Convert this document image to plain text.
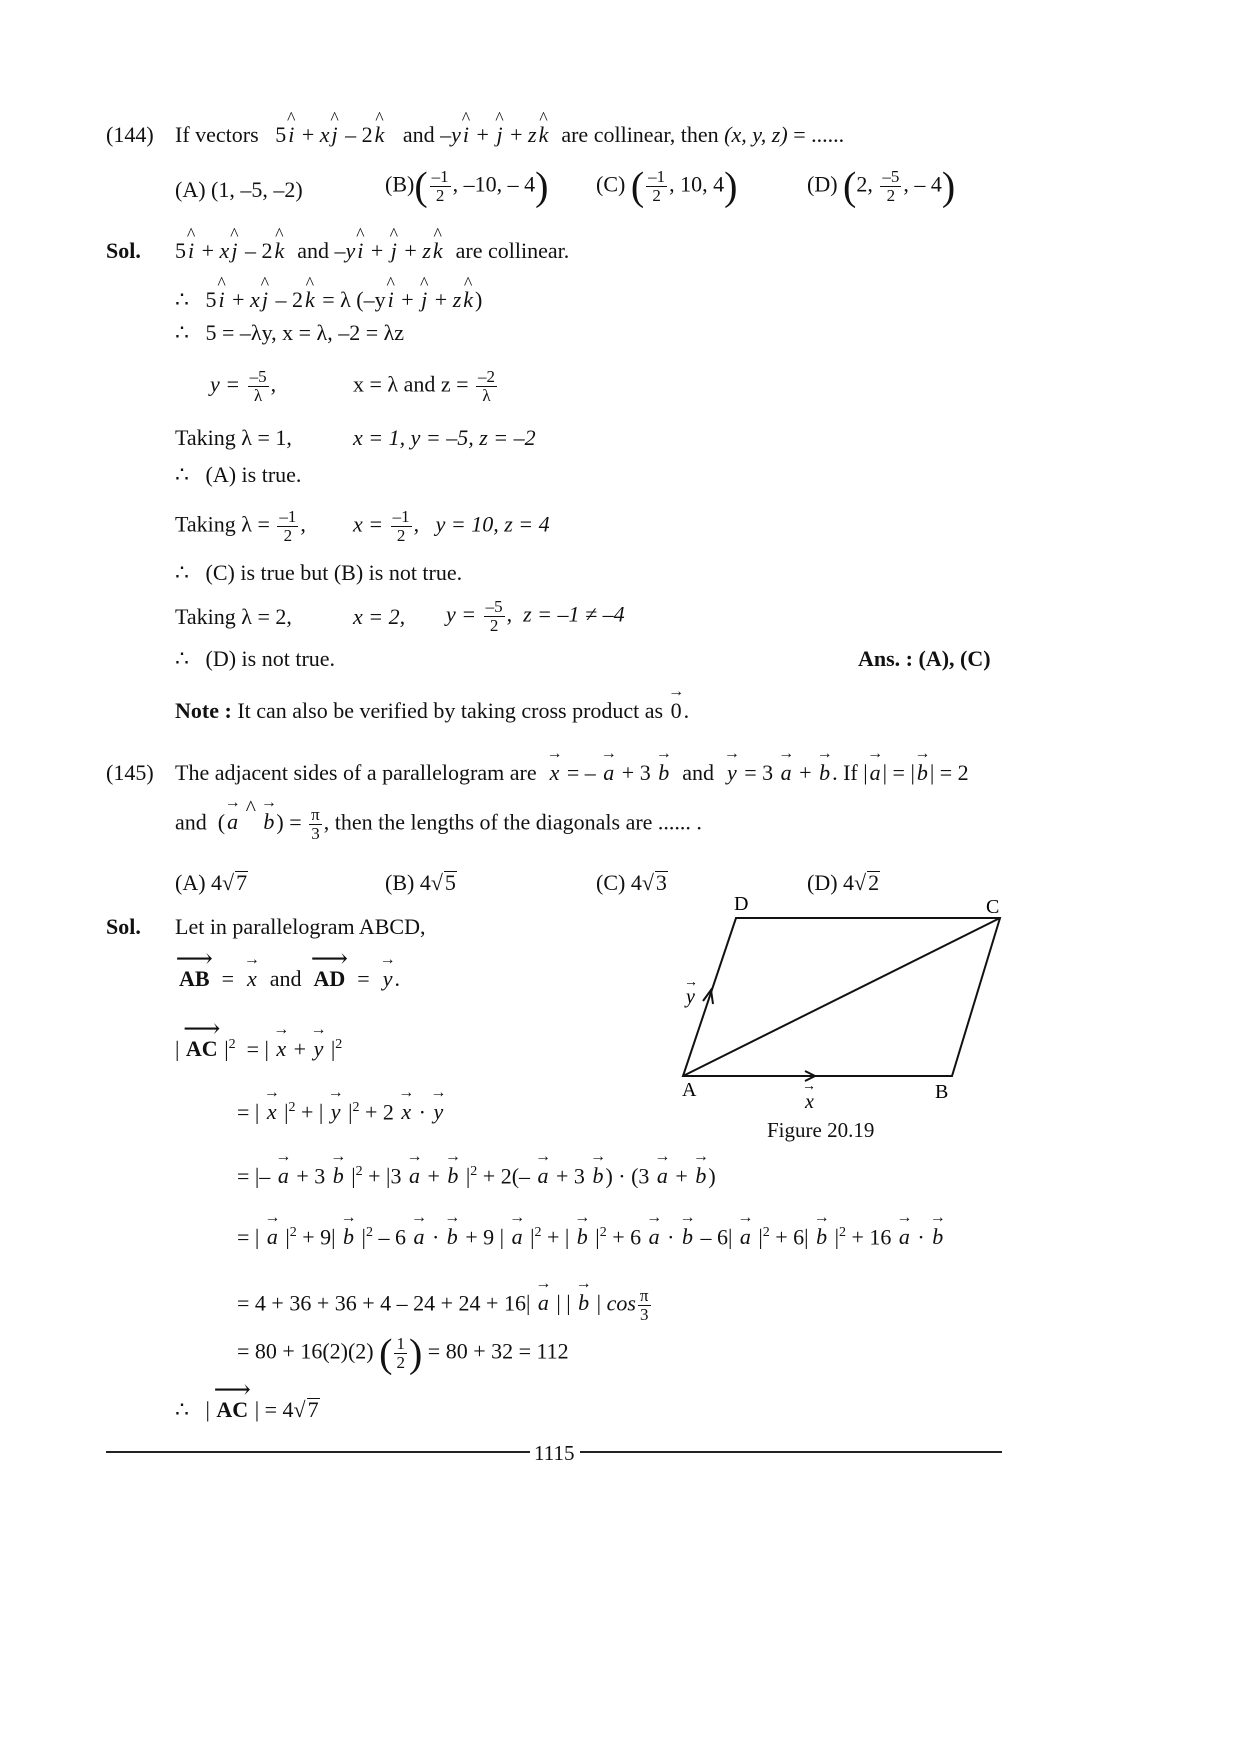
(144) If vectors   5^ i + x^ j – 2^ k and –y^ i + ^ j + z^ k are collinear, then (x, y, z) = ......
(A) (1, –5, –2)	$(B)( \frac{-1}{2}$ , –10, – 4) (C) ( $\frac{-1}{2}$ , 10, 4)	(D) (2, $\frac{-5}{2}$ , – 4)
Sol. 5^ i + x^ j – 2^ k and –y^ i + ^ j + z^ k are collinear.
∴   5^ i + x^ j – 2^ k = λ (–y^ i + ^ j + z^ k)
∴ 5 = –λy, x = λ, –2 = λz
$y = \frac{-5}{\lambda}$ ,	x = λ and $z = \frac{-2}{\lambda}$
Taking λ = 1,	x = 1, y = –5, z = –2
∴ (A) is true.
Taking $\lambda = \frac{-1}{2}$ , $x = \frac{-1}{2}$ ,   y = 10, z = 4
∴ (C) is true but (B) is not true.
Taking λ = 2,	x = 2, $y = \frac{-5}{2}$ ,  z = –1 ≠ –4
∴ (D) is not true.	Ans. : (A), (C)
Note : It can also be verified by taking cross product as → 0.
(145) The adjacent sides of a parallelogram are → x = – → a + 3 → b and → y = 3 → a + → b. If |→ a| = |→ b| = 2
and  (→ a ^ → $b) = \frac{\pi}{3}$ , then the lengths of the diagonals are ...... .
(A) 4√7	(B) 4√5	(C) 4√3	(D) 4√2
Sol. Let in parallelogram ABCD,
⟶ AB  =  → x and ⟶ AD  =  → y.
| ⟶ AC $|^2$  = | → x + → y $|^2$
= | → x $|^2$ + | → y $|^2 + 2 \to x$ · → y
= |– → a + 3 → b $|^2 + |3 \to a$ + → b $|^2 + 2(- \to a + 3 \to b) \cdot (3 \to a$ + → b)
= | → a $|^2 + 9| \to b$ $|^2 - 6 \to a$ · → b + 9 | → a $|^2$ + | → b $|^2 + 6 \to a$ · → b – 6| → a $|^2 + 6| \to b$ $|^2 + 16 \to a$ · → b
= 4 + 36 + 36 + 4 – 24 + 24 + 16| → a | | → b | $\cos \frac{\pi}{3}$
= 80 + 16(2)(2) ( $\frac{1}{2}$ ) = 80 + 32 = 112
∴   | ⟶ AC | = 4√7
A	B
C
D
→
x
→
y
Figure 20.19
1115
